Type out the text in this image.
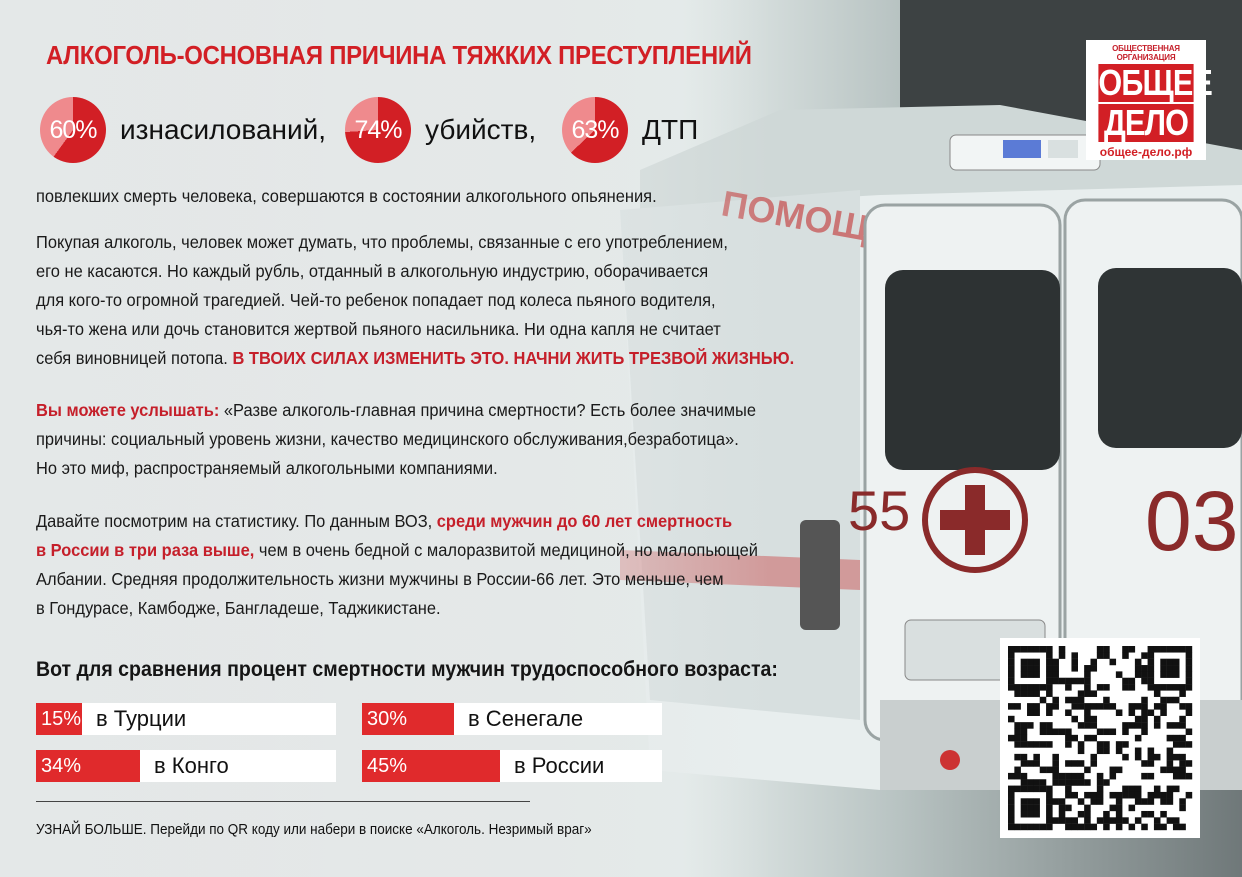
АЛКОГОЛЬ-ОСНОВНАЯ ПРИЧИНА ТЯЖКИХ ПРЕСТУПЛЕНИЙ
60% изнасилований, 74% убийств, 63% ДТП

повлекших смерть человека, совершаются в состоянии алкогольного опьянения.

Покупая алкоголь, человек может думать, что проблемы, связанные с его употреблением,

его не касаются. Но каждый рубль, отданный в алкогольную индустрию, оборачивается

для кого-то огромной трагедией. Чей-то ребенок попадает под колеса пьяного водителя,

чья-то жена или дочь становится жертвой пьяного насильника. Ни одна капля не считает

себя виновницей потопа. В ТВОИХ СИЛАХ ИЗМЕНИТЬ ЭТО. НАЧНИ ЖИТЬ ТРЕЗВОЙ ЖИЗНЬЮ.

Вы можете услышать: «Разве алкоголь-главная причина смертности? Есть более значимые

причины: социальный уровень жизни, качество медицинского обслуживания,безработица».

Но это миф, распространяемый алкогольными компаниями.

Давайте посмотрим на статистику. По данным ВОЗ, среди мужчин до 60 лет смертность

в России в три раза выше, чем в очень бедной с малоразвитой медициной, но малопьющей

Албании. Средняя продолжительность жизни мужчины в России-66 лет. Это меньше, чем

в Гондурасе, Камбодже, Бангладеше, Таджикистане.

Вот для сравнения процент смертности мужчин трудоспособного возраста:
15% в Турции	30%	в Сенегале
34%	в Конго	45%	в России

УЗНАЙ БОЛЬШЕ. Перейди по QR коду или набери в поиске «Алкоголь. Незримый враг»

ОБЩЕСТВЕННАЯ ОРГАНИЗАЦИЯ
ОБЩЕЕ
ДЕЛО
общее-дело.рф
